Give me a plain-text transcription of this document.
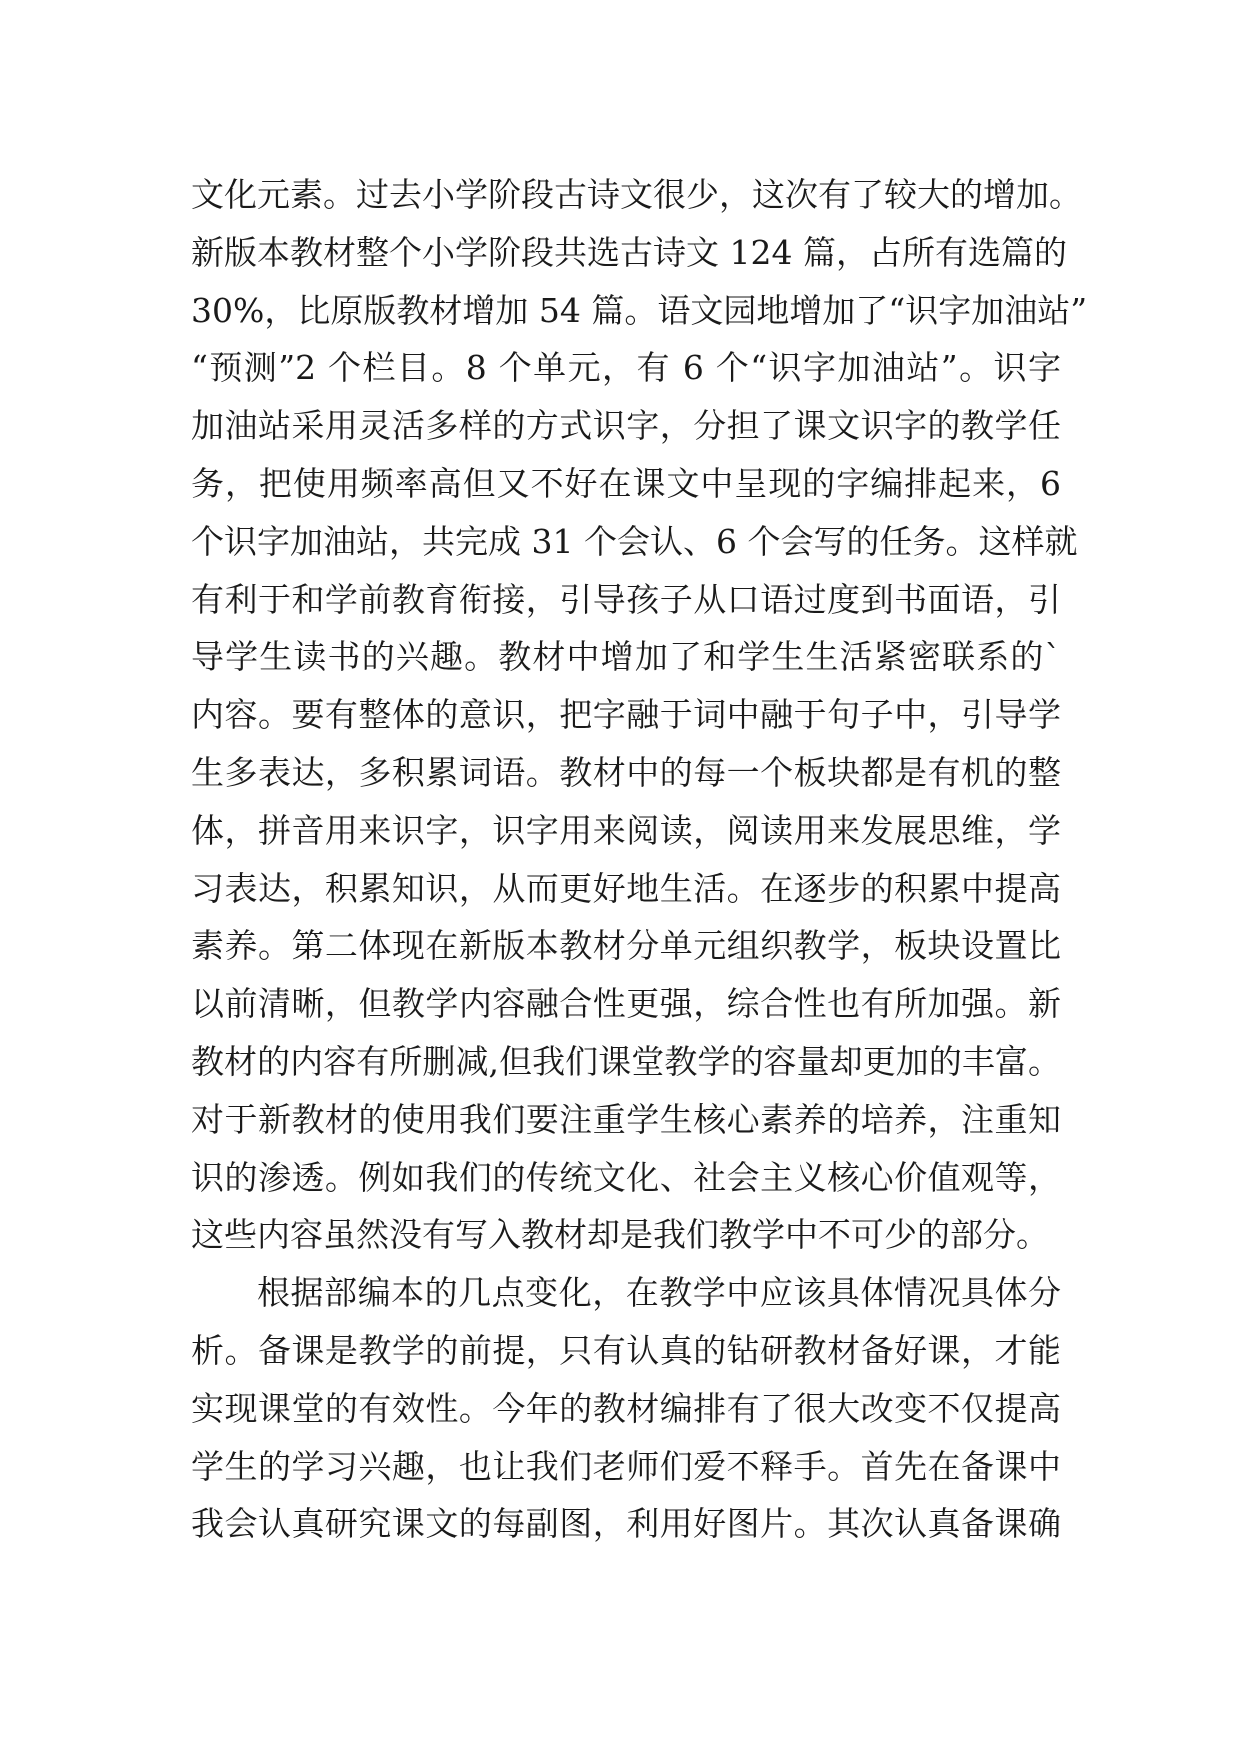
文化元素。过去小学阶段古诗文很少，这次有了较大的增加。
新版本教材整个小学阶段共选古诗文 124 篇，占所有选篇的
30%，比原版教材增加 54 篇。语文园地增加了“识字加油站”
“预测”2 个栏目。8 个单元，有 6 个“识字加油站”。识字
加油站采用灵活多样的方式识字，分担了课文识字的教学任
务，把使用频率高但又不好在课文中呈现的字编排起来，6
个识字加油站，共完成 31 个会认、6 个会写的任务。这样就
有利于和学前教育衔接，引导孩子从口语过度到书面语，引
导学生读书的兴趣。教材中增加了和学生生活紧密联系的`
内容。要有整体的意识，把字融于词中融于句子中，引导学
生多表达，多积累词语。教材中的每一个板块都是有机的整
体，拼音用来识字，识字用来阅读，阅读用来发展思维，学
习表达，积累知识，从而更好地生活。在逐步的积累中提高
素养。第二体现在新版本教材分单元组织教学，板块设置比
以前清晰，但教学内容融合性更强，综合性也有所加强。新
教材的内容有所删减,但我们课堂教学的容量却更加的丰富。
对于新教材的使用我们要注重学生核心素养的培养，注重知
识的渗透。例如我们的传统文化、社会主义核心价值观等，
这些内容虽然没有写入教材却是我们教学中不可少的部分。
根据部编本的几点变化，在教学中应该具体情况具体分
析。备课是教学的前提，只有认真的钻研教材备好课，才能
实现课堂的有效性。今年的教材编排有了很大改变不仅提高
学生的学习兴趣，也让我们老师们爱不释手。首先在备课中
我会认真研究课文的每副图，利用好图片。其次认真备课确
